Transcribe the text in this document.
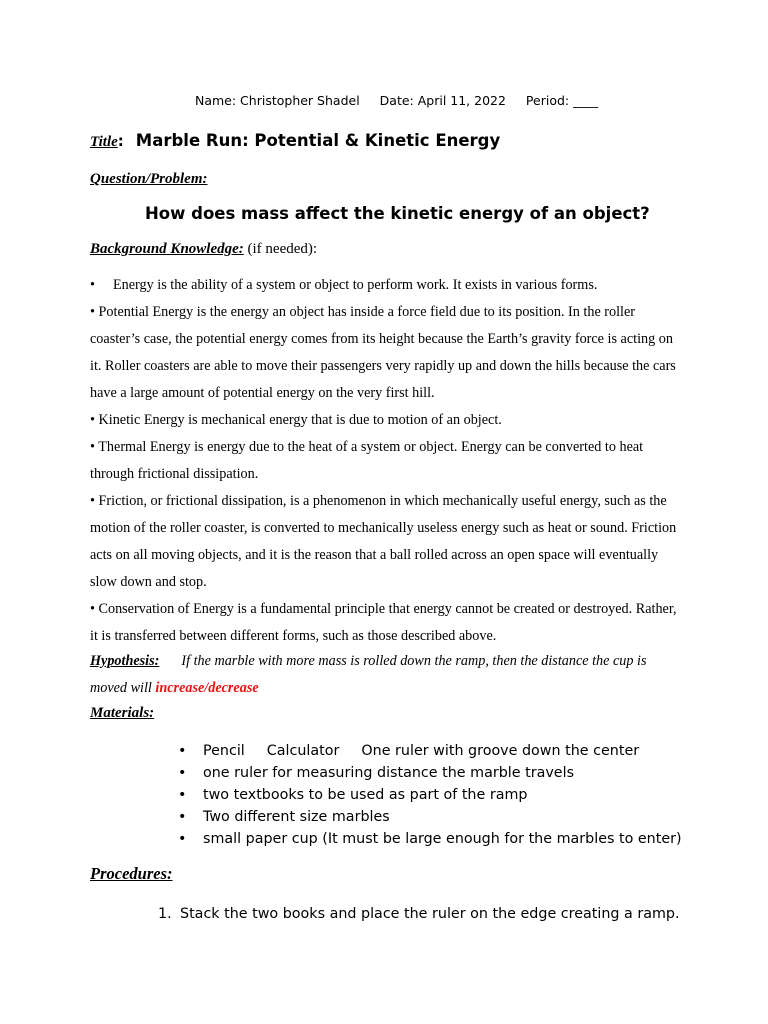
Name: Christopher Shadel Date: April 11, 2022 Period: ____
Title: Marble Run: Potential & Kinetic Energy
Question/Problem:
How does mass affect the kinetic energy of an object?
Background Knowledge: (if needed):

• Energy is the ability of a system or object to perform work. It exists in various forms.

• Potential Energy is the energy an object has inside a force field due to its position. In the roller coaster’s case, the potential energy comes from its height because the Earth’s gravity force is acting on it. Roller coasters are able to move their passengers very rapidly up and down the hills because the cars have a large amount of potential energy on the very first hill.

• Kinetic Energy is mechanical energy that is due to motion of an object.

• Thermal Energy is energy due to the heat of a system or object. Energy can be converted to heat through frictional dissipation.

• Friction, or frictional dissipation, is a phenomenon in which mechanically useful energy, such as the motion of the roller coaster, is converted to mechanically useless energy such as heat or sound. Friction acts on all moving objects, and it is the reason that a ball rolled across an open space will eventually slow down and stop.

• Conservation of Energy is a fundamental principle that energy cannot be created or destroyed. Rather, it is transferred between different forms, such as those described above.

Hypothesis: If the marble with more mass is rolled down the ramp, then the distance the cup is moved will increase/decrease
Materials:
• Pencil Calculator One ruler with groove down the center
• one ruler for measuring distance the marble travels
• two textbooks to be used as part of the ramp
• Two different size marbles
• small paper cup (It must be large enough for the marbles to enter)
Procedures:
1. Stack the two books and place the ruler on the edge creating a ramp.
